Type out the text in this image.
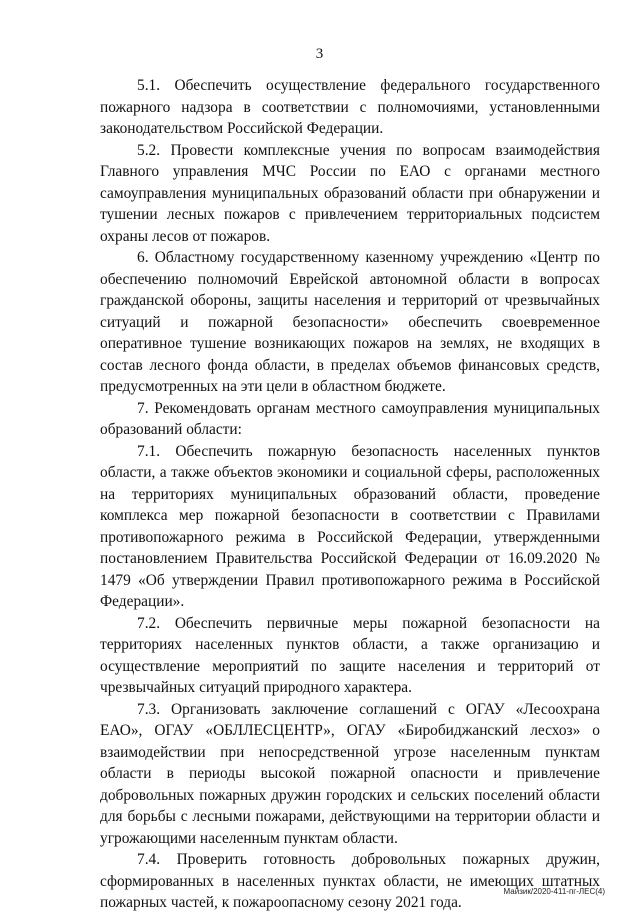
3

5.1. Обеспечить осуществление федерального государственного пожарного надзора в соответствии с полномочиями, установленными законодательством Российской Федерации.

5.2. Провести комплексные учения по вопросам взаимодействия Главного управления МЧС России по ЕАО с органами местного самоуправления муниципальных образований области при обнаружении и тушении лесных пожаров с привлечением территориальных подсистем охраны лесов от пожаров.

6. Областному государственному казенному учреждению «Центр по обеспечению полномочий Еврейской автономной области в вопросах гражданской обороны, защиты населения и территорий от чрезвычайных ситуаций и пожарной безопасности» обеспечить своевременное оперативное тушение возникающих пожаров на землях, не входящих в состав лесного фонда области, в пределах объемов финансовых средств, предусмотренных на эти цели в областном бюджете.

7. Рекомендовать органам местного самоуправления муниципальных образований области:

7.1. Обеспечить пожарную безопасность населенных пунктов области, а также объектов экономики и социальной сферы, расположенных на территориях муниципальных образований области, проведение комплекса мер пожарной безопасности в соответствии с Правилами противопожарного режима в Российской Федерации, утвержденными постановлением Правительства Российской Федерации от 16.09.2020 № 1479 «Об утверждении Правил противопожарного режима в Российской Федерации».

7.2. Обеспечить первичные меры пожарной безопасности на территориях населенных пунктов области, а также организацию и осуществление мероприятий по защите населения и территорий от чрезвычайных ситуаций природного характера.

7.3. Организовать заключение соглашений с ОГАУ «Лесоохрана ЕАО», ОГАУ «ОБЛЛЕСЦЕНТР», ОГАУ «Биробиджанский лесхоз» о взаимодействии при непосредственной угрозе населенным пунктам области в периоды высокой пожарной опасности и привлечение добровольных пожарных дружин городских и сельских поселений области для борьбы с лесными пожарами, действующими на территории области и угрожающими населенным пунктам области.

7.4. Проверить готовность добровольных пожарных дружин, сформированных в населенных пунктах области, не имеющих штатных пожарных частей, к пожароопасному сезону 2021 года.

Майзик/2020-411-пг-ЛЕС(4)
